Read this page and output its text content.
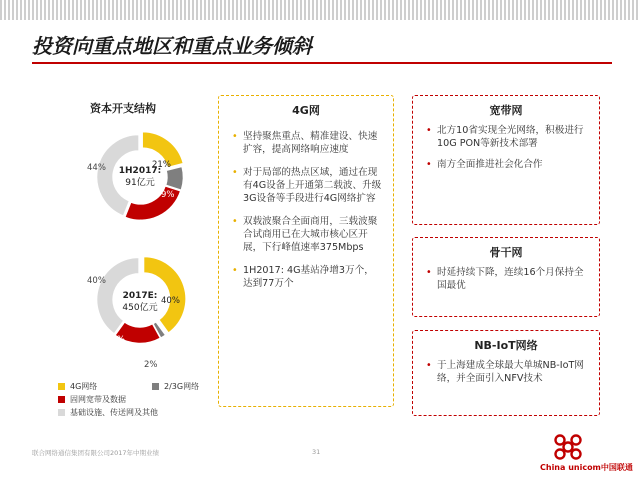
投资向重点地区和重点业务倾斜
资本开支结构
1H2017:
91亿元
21%
9%
26%
44%
2017E:
450亿元
40%
2%
18%
40%
4G网络	2/3G网络
固网宽带及数据
基础设施、传送网及其他
4G网
• 坚持聚焦重点、精准建设、快速扩容，提高网络响应速度
• 对于局部的热点区域，通过在现有4G设备上开通第二载波、升级3G设备等手段进行4G网络扩容
• 双载波聚合全面商用，三载波聚合试商用已在大城市核心区开展，下行峰值速率375Mbps
• 1H2017: 4G基站净增3万个，达到77万个
宽带网
• 北方10省实现全光网络，积极进行10G PON等新技术部署
• 南方全面推进社会化合作
骨干网
• 时延持续下降，连续16个月保持全国最优
NB-IoT网络
• 于上海建成全球最大单城NB-IoT网络，并全面引入NFV技术
联合网络通信集团有限公司2017年中期业绩	31
China unicom中国联通
